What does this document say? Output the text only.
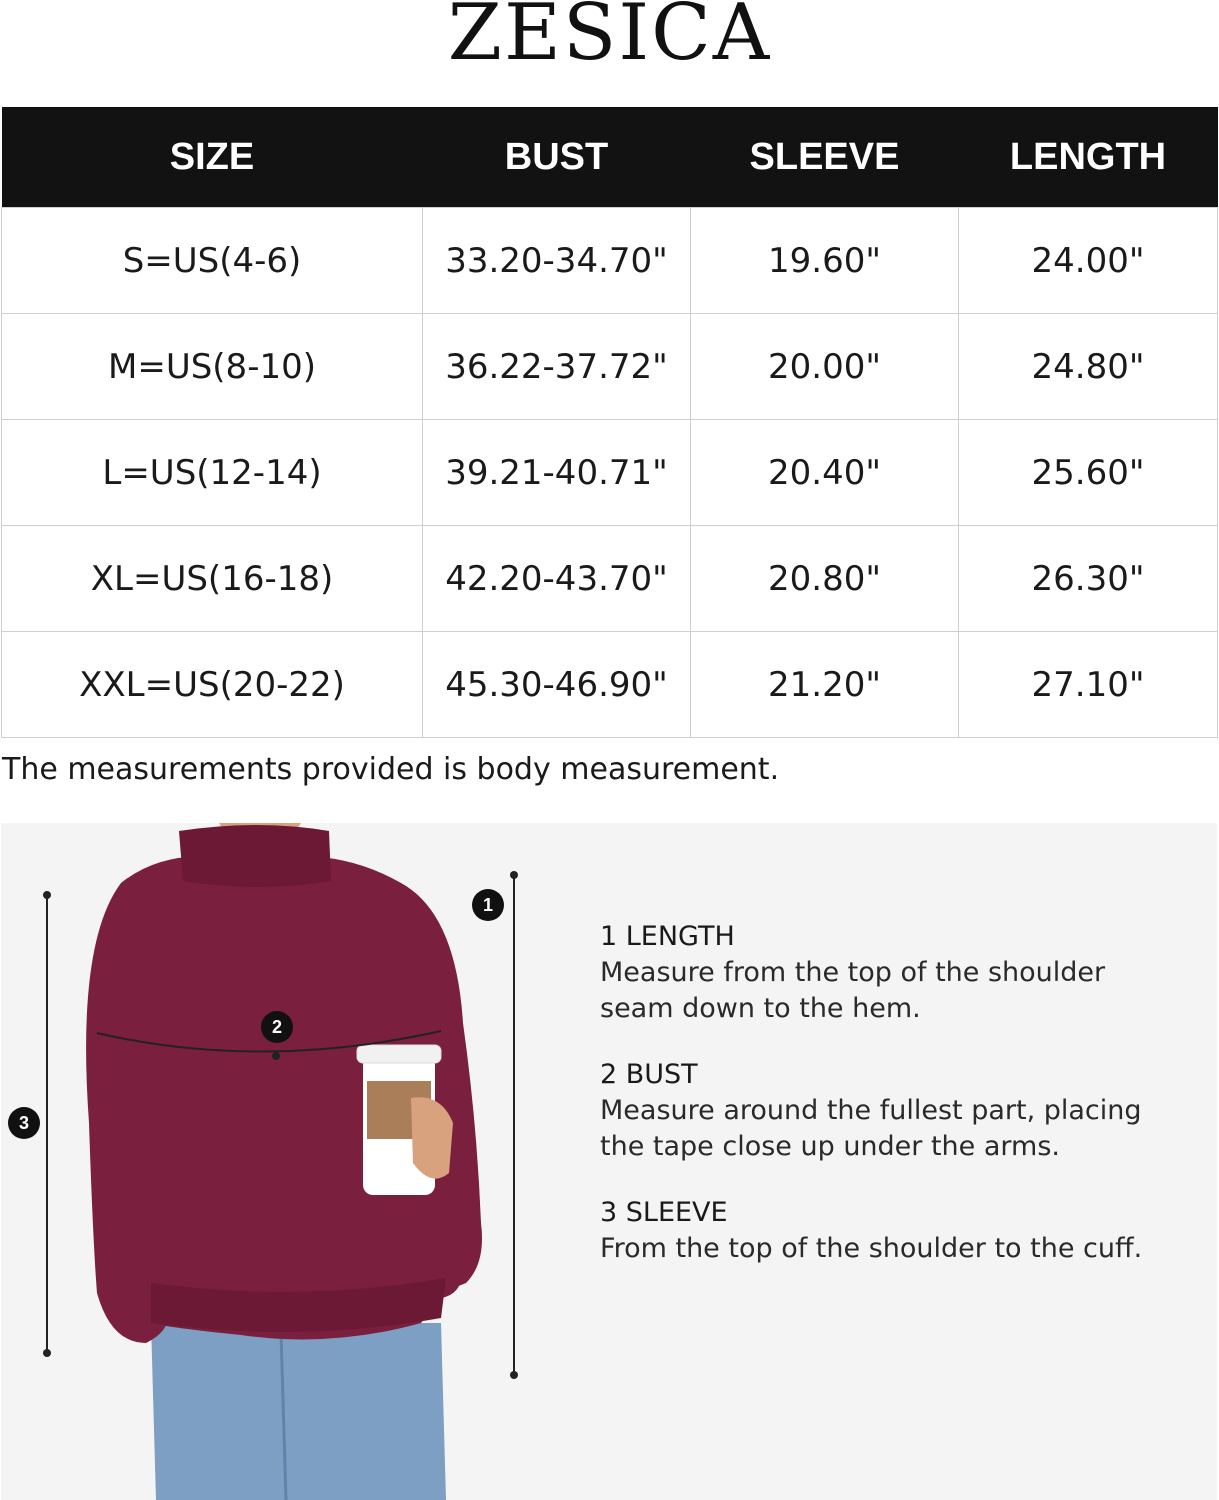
ZESICA
SIZE	BUST	SLEEVE	LENGTH
S=US(4-6)	33.20-34.70"	19.60"	24.00"
M=US(8-10)	36.22-37.72"	20.00"	24.80"
L=US(12-14)	39.21-40.71"	20.40"	25.60"
XL=US(16-18)	42.20-43.70"	20.80"	26.30"
XXL=US(20-22)	45.30-46.90"	21.20"	27.10"
The measurements provided is body measurement.
1
2
3
1 LENGTH
Measure from the top of the shoulder
seam down to the hem.
2 BUST
Measure around the fullest part, placing
the tape close up under the arms.
3 SLEEVE
From the top of the shoulder to the cuff.
